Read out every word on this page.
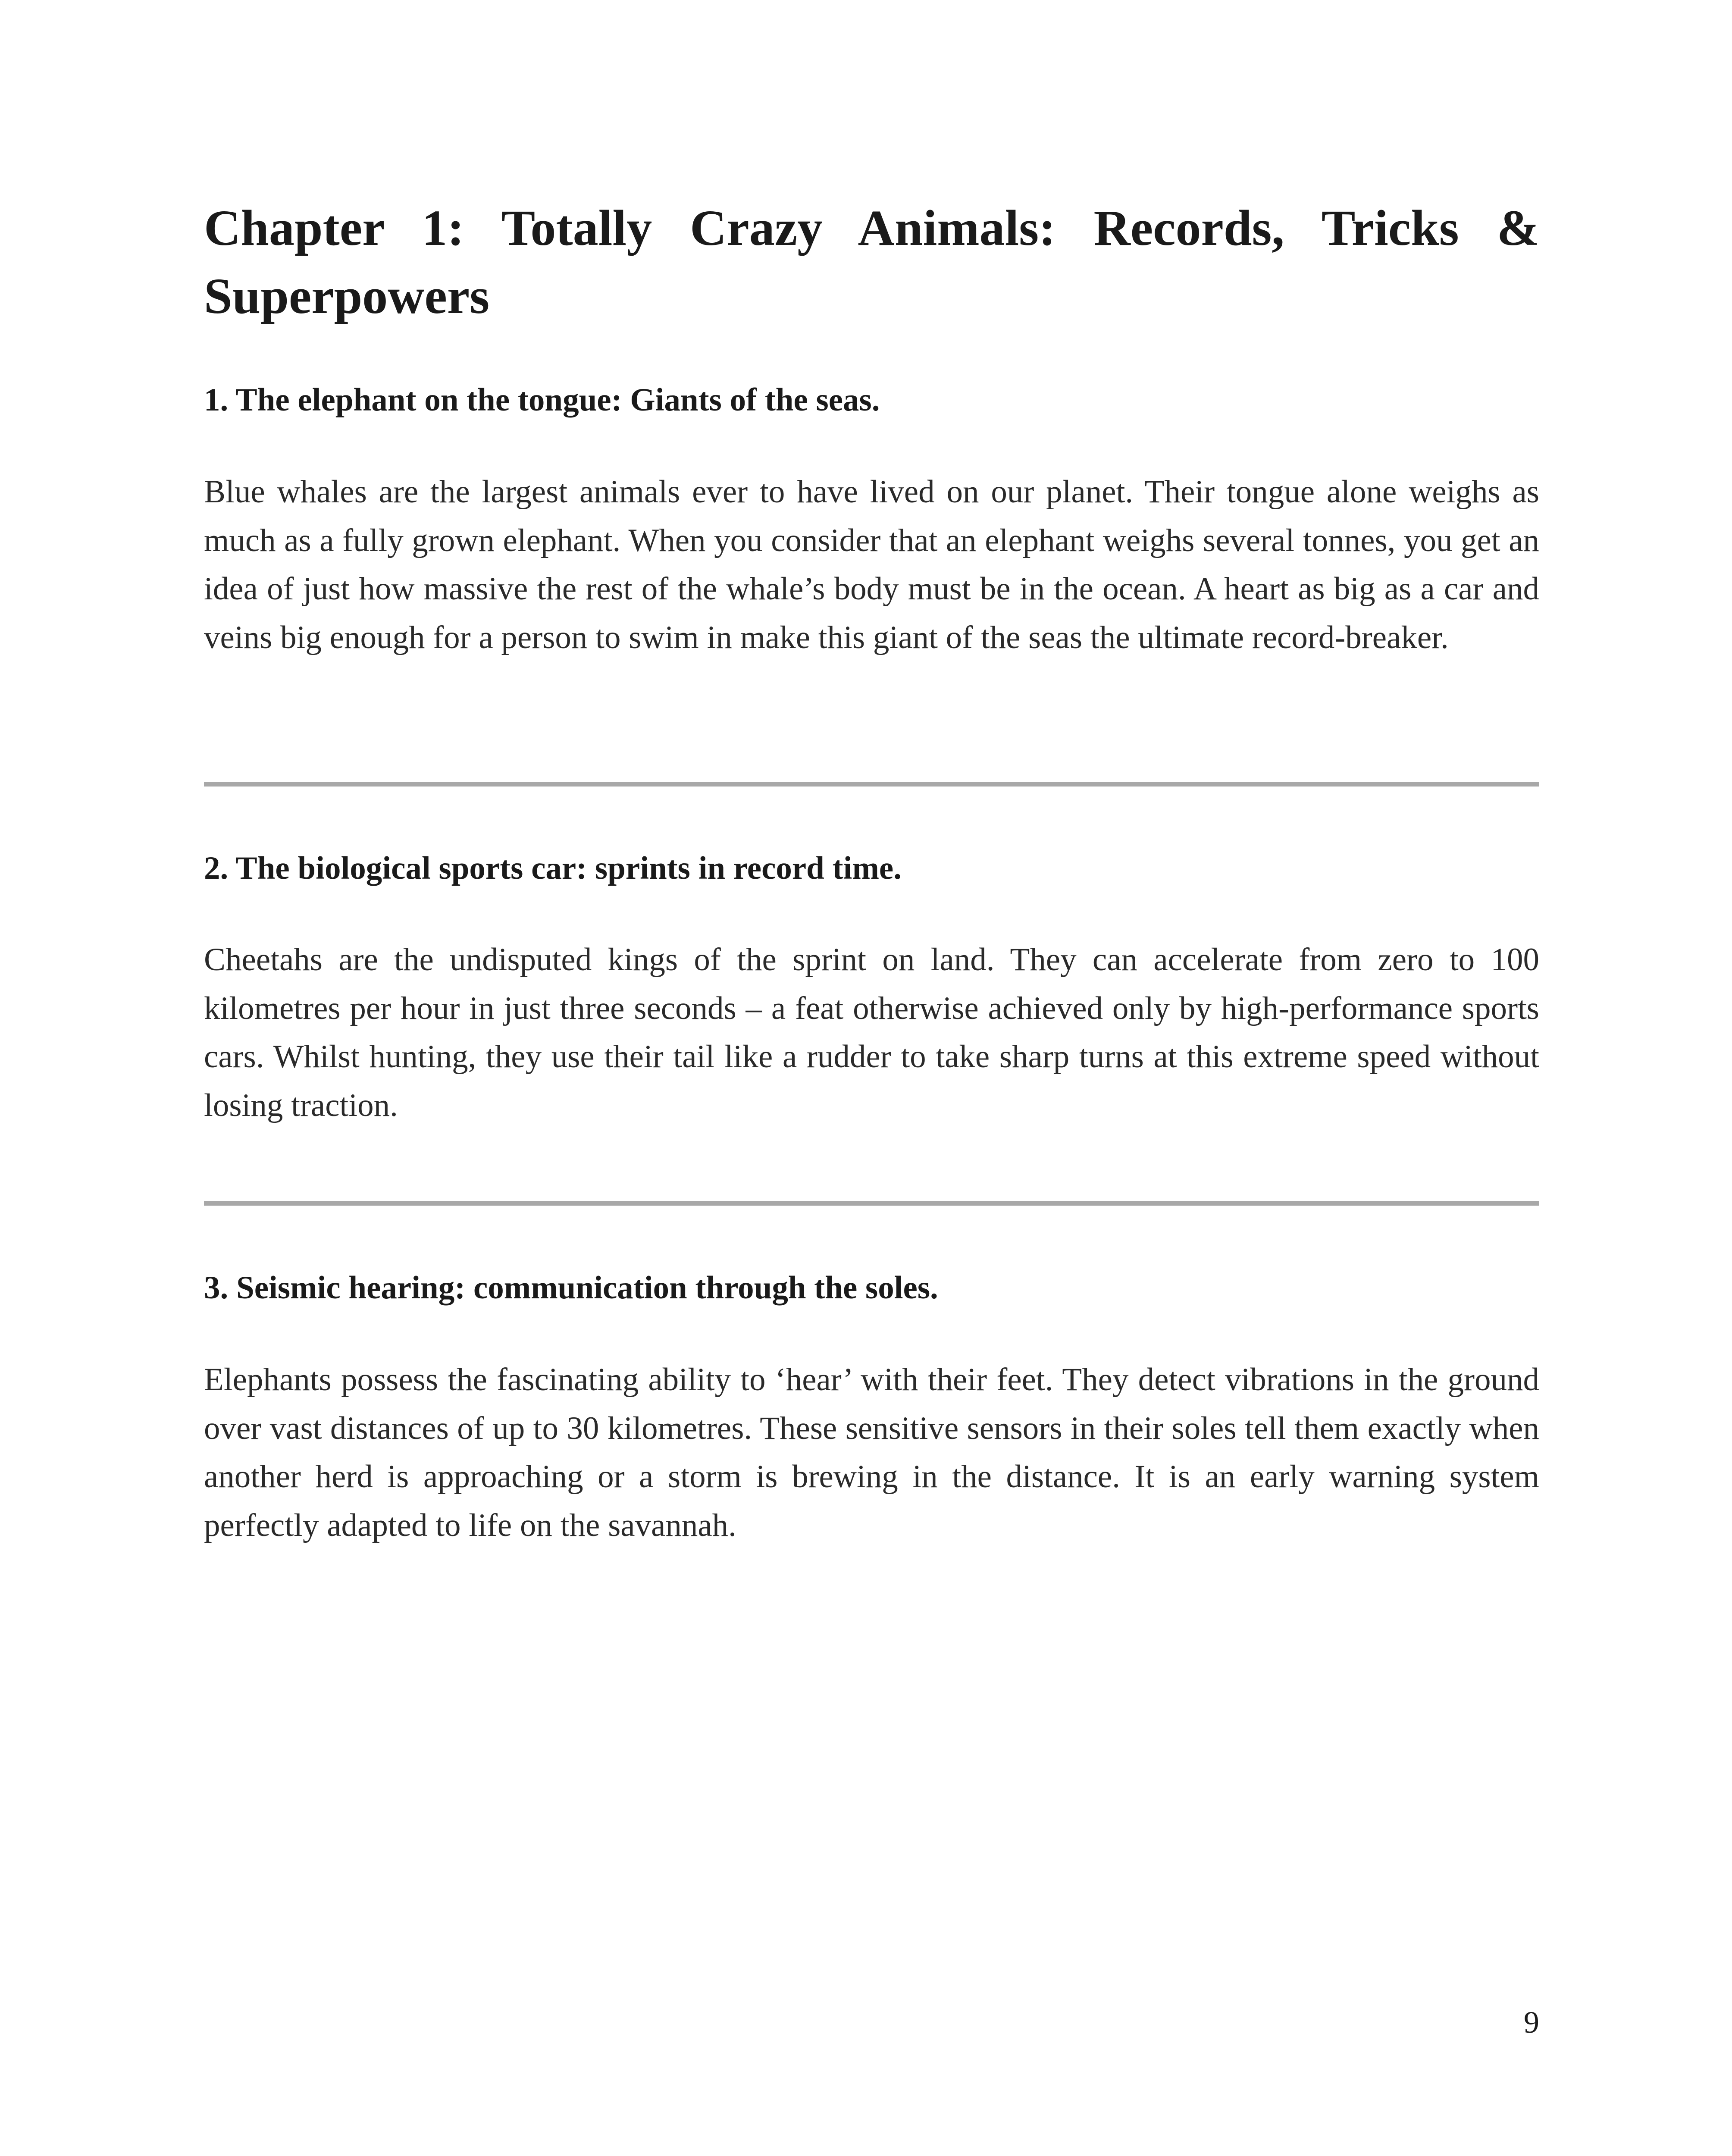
Chapter 1: Totally Crazy Animals: Records, Tricks & Superpowers
1. The elephant on the tongue: Giants of the seas.

Blue whales are the largest animals ever to have lived on our planet. Their tongue alone weighs as much as a fully grown elephant. When you consider that an elephant weighs several tonnes, you get an idea of just how massive the rest of the whale’s body must be in the ocean. A heart as big as a car and veins big enough for a person to swim in make this giant of the seas the ultimate record-breaker.

2. The biological sports car: sprints in record time.

Cheetahs are the undisputed kings of the sprint on land. They can accelerate from zero to 100 kilometres per hour in just three seconds – a feat otherwise achieved only by high-performance sports cars. Whilst hunting, they use their tail like a rudder to take sharp turns at this extreme speed without losing traction.

3. Seismic hearing: communication through the soles.

Elephants possess the fascinating ability to ‘hear’ with their feet. They detect vibrations in the ground over vast distances of up to 30 kilometres. These sensitive sensors in their soles tell them exactly when another herd is approaching or a storm is brewing in the distance. It is an early warning system perfectly adapted to life on the savannah.

9
